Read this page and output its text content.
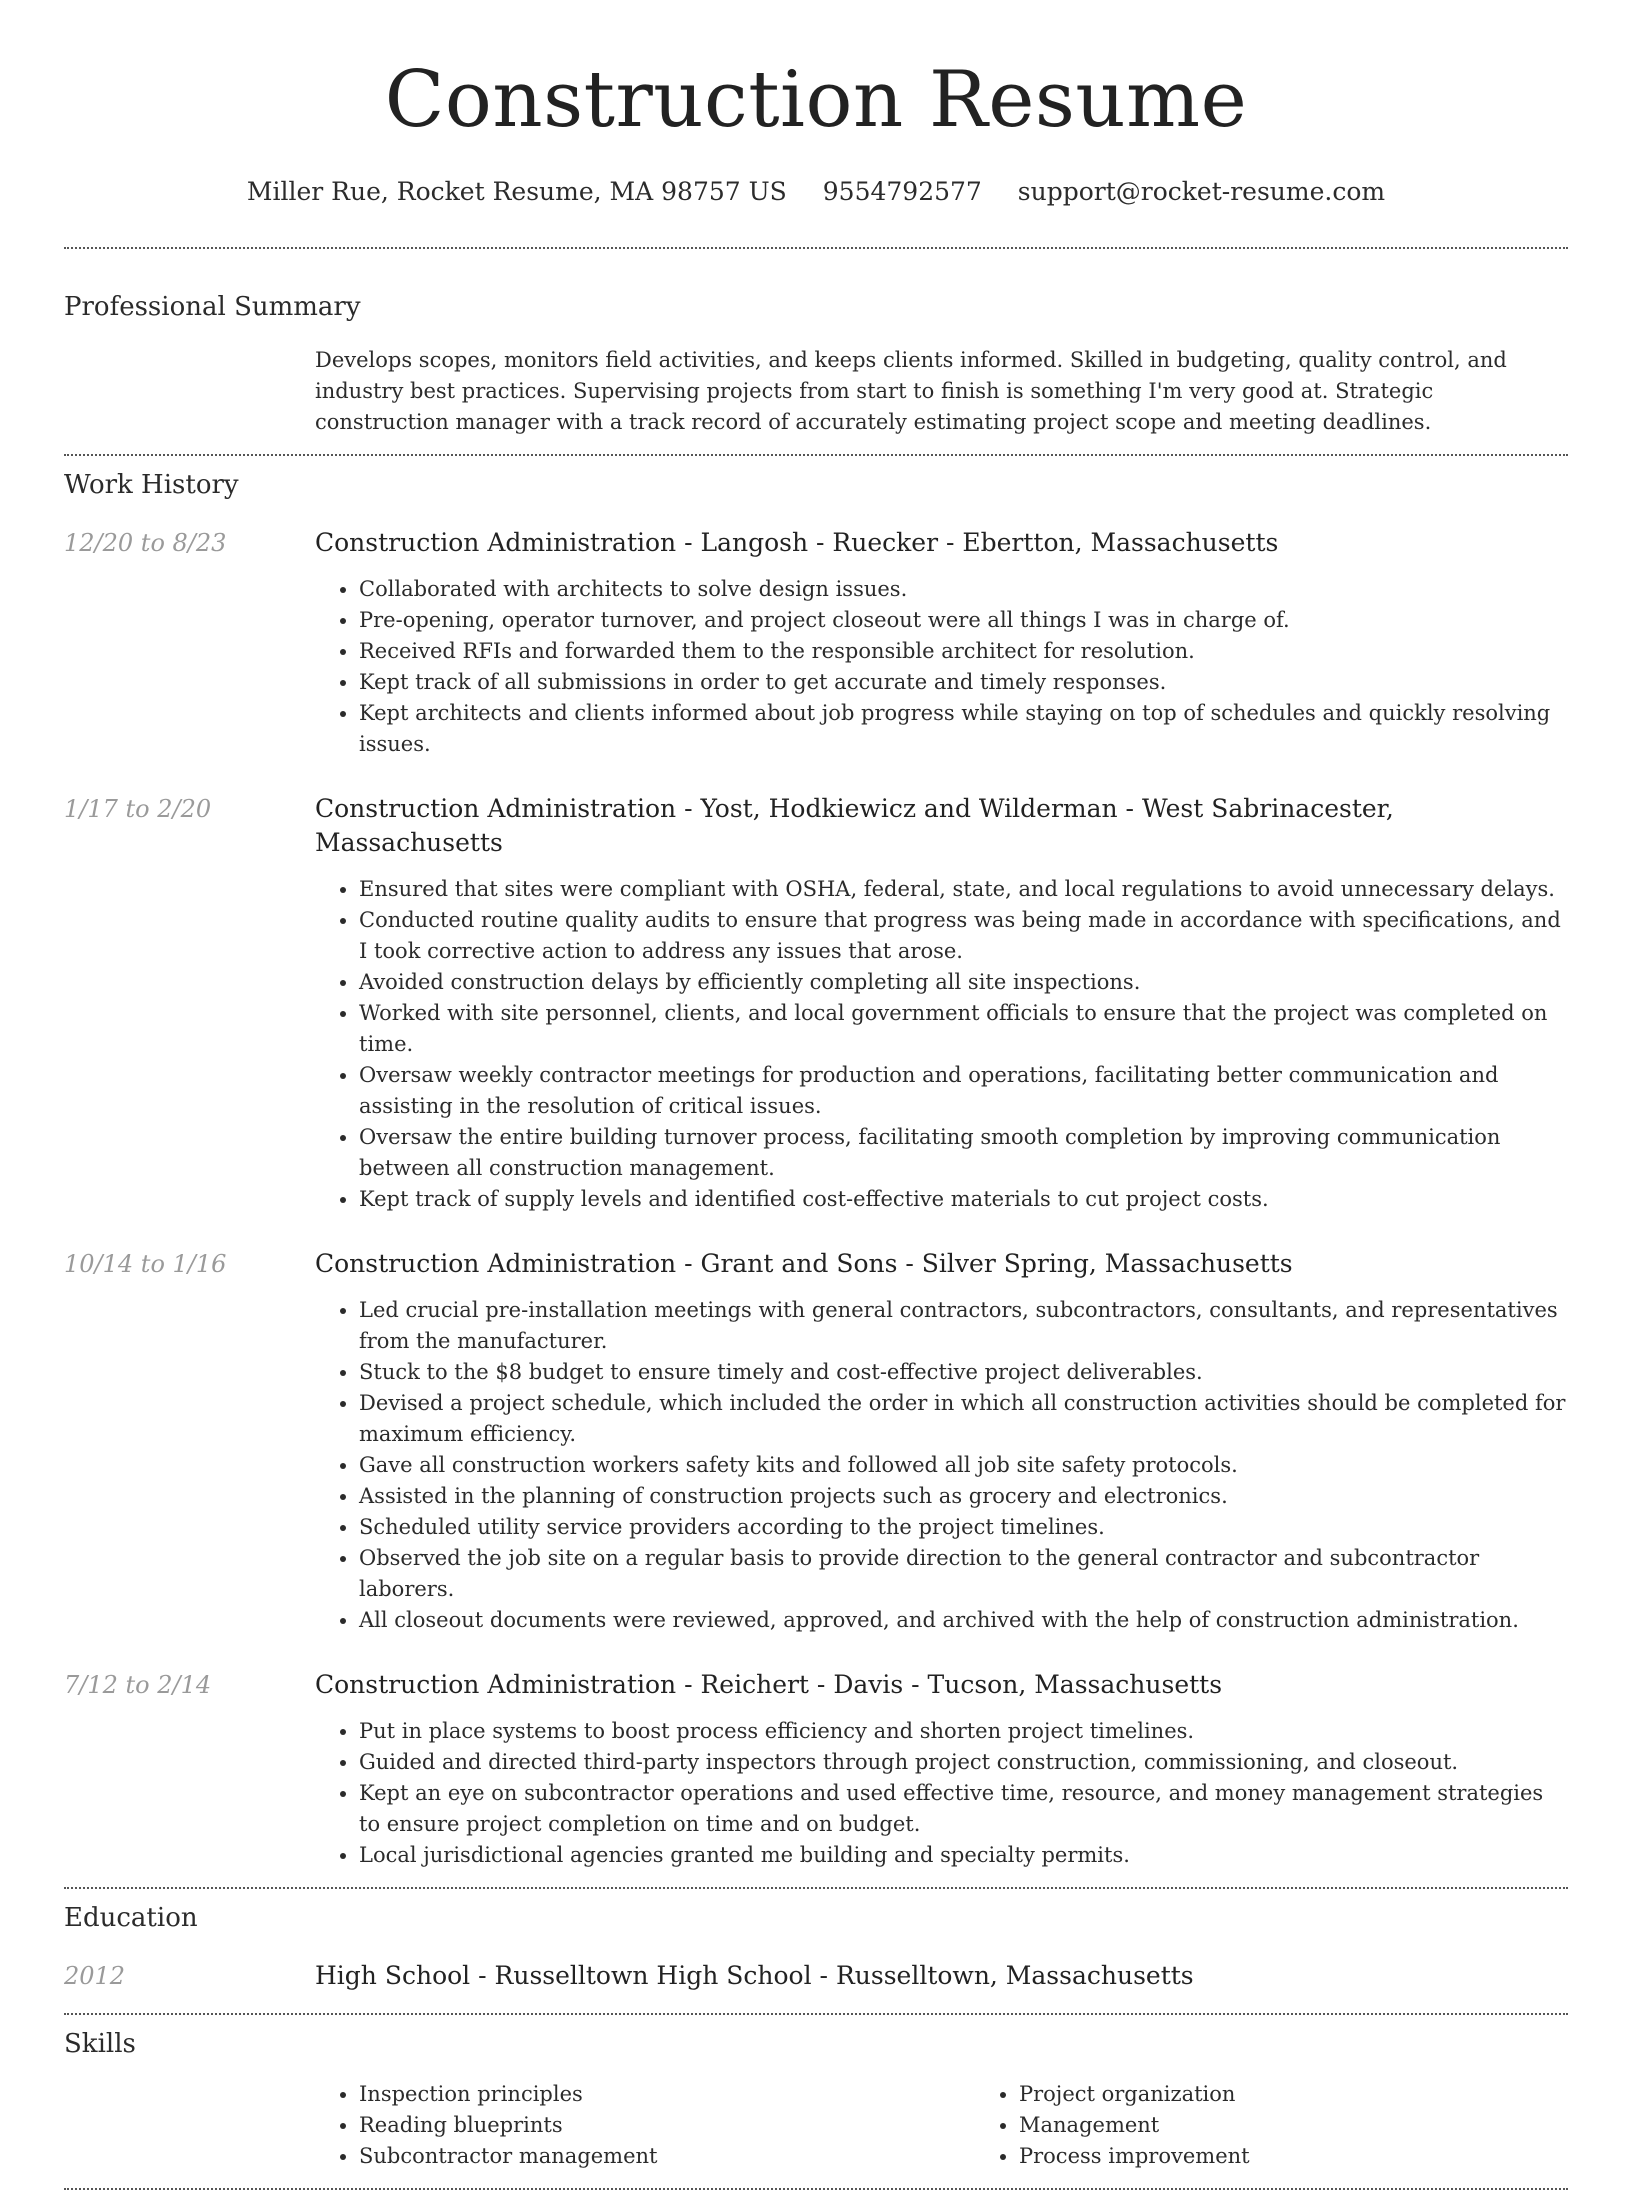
Construction Resume
Miller Rue, Rocket Resume, MA 98757 US 9554792577 support@rocket-resume.com
Professional Summary

Develops scopes, monitors field activities, and keeps clients informed. Skilled in budgeting, quality control, and industry best practices. Supervising projects from start to finish is something I'm very good at. Strategic construction manager with a track record of accurately estimating project scope and meeting deadlines.

Work History
12/20 to 8/23	Construction Administration - Langosh - Ruecker - Ebertton, Massachusetts

• Collaborated with architects to solve design issues.
• Pre-opening, operator turnover, and project closeout were all things I was in charge of.
• Received RFIs and forwarded them to the responsible architect for resolution.
• Kept track of all submissions in order to get accurate and timely responses.
• Kept architects and clients informed about job progress while staying on top of schedules and quickly resolving issues.
1/17 to 2/20	Construction Administration - Yost, Hodkiewicz and Wilderman - West Sabrinacester, Massachusetts

• Ensured that sites were compliant with OSHA, federal, state, and local regulations to avoid unnecessary delays.
• Conducted routine quality audits to ensure that progress was being made in accordance with specifications, and I took corrective action to address any issues that arose.
• Avoided construction delays by efficiently completing all site inspections.
• Worked with site personnel, clients, and local government officials to ensure that the project was completed on time.
• Oversaw weekly contractor meetings for production and operations, facilitating better communication and assisting in the resolution of critical issues.
• Oversaw the entire building turnover process, facilitating smooth completion by improving communication between all construction management.
• Kept track of supply levels and identified cost-effective materials to cut project costs.
10/14 to 1/16	Construction Administration - Grant and Sons - Silver Spring, Massachusetts

• Led crucial pre-installation meetings with general contractors, subcontractors, consultants, and representatives from the manufacturer.
• Stuck to the $8 budget to ensure timely and cost-effective project deliverables.
• Devised a project schedule, which included the order in which all construction activities should be completed for maximum efficiency.
• Gave all construction workers safety kits and followed all job site safety protocols.
• Assisted in the planning of construction projects such as grocery and electronics.
• Scheduled utility service providers according to the project timelines.
• Observed the job site on a regular basis to provide direction to the general contractor and subcontractor laborers.
• All closeout documents were reviewed, approved, and archived with the help of construction administration.
7/12 to 2/14	Construction Administration - Reichert - Davis - Tucson, Massachusetts

• Put in place systems to boost process efficiency and shorten project timelines.
• Guided and directed third-party inspectors through project construction, commissioning, and closeout.
• Kept an eye on subcontractor operations and used effective time, resource, and money management strategies to ensure project completion on time and on budget.
• Local jurisdictional agencies granted me building and specialty permits.
Education
2012	High School - Russelltown High School - Russelltown, Massachusetts

Skills
• Inspection principles
• Reading blueprints
• Subcontractor management
• Project organization
• Management
• Process improvement
